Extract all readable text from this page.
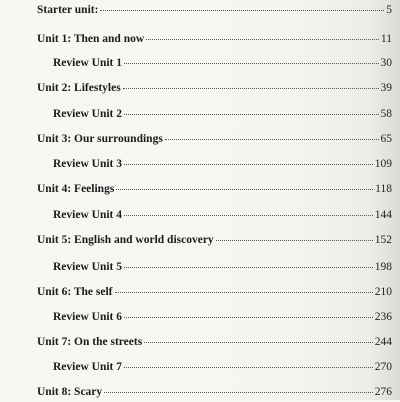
Starter unit:	5
Unit 1: Then and now	11
Review Unit 1	30
Unit 2: Lifestyles	39
Review Unit 2	58
Unit 3: Our surroundings	65
Review Unit 3	109
Unit 4: Feelings	118
Review Unit 4	144
Unit 5: English and world discovery	152
Review Unit 5	198
Unit 6: The self	210
Review Unit 6	236
Unit 7: On the streets	244
Review Unit 7	270
Unit 8: Scary	276
